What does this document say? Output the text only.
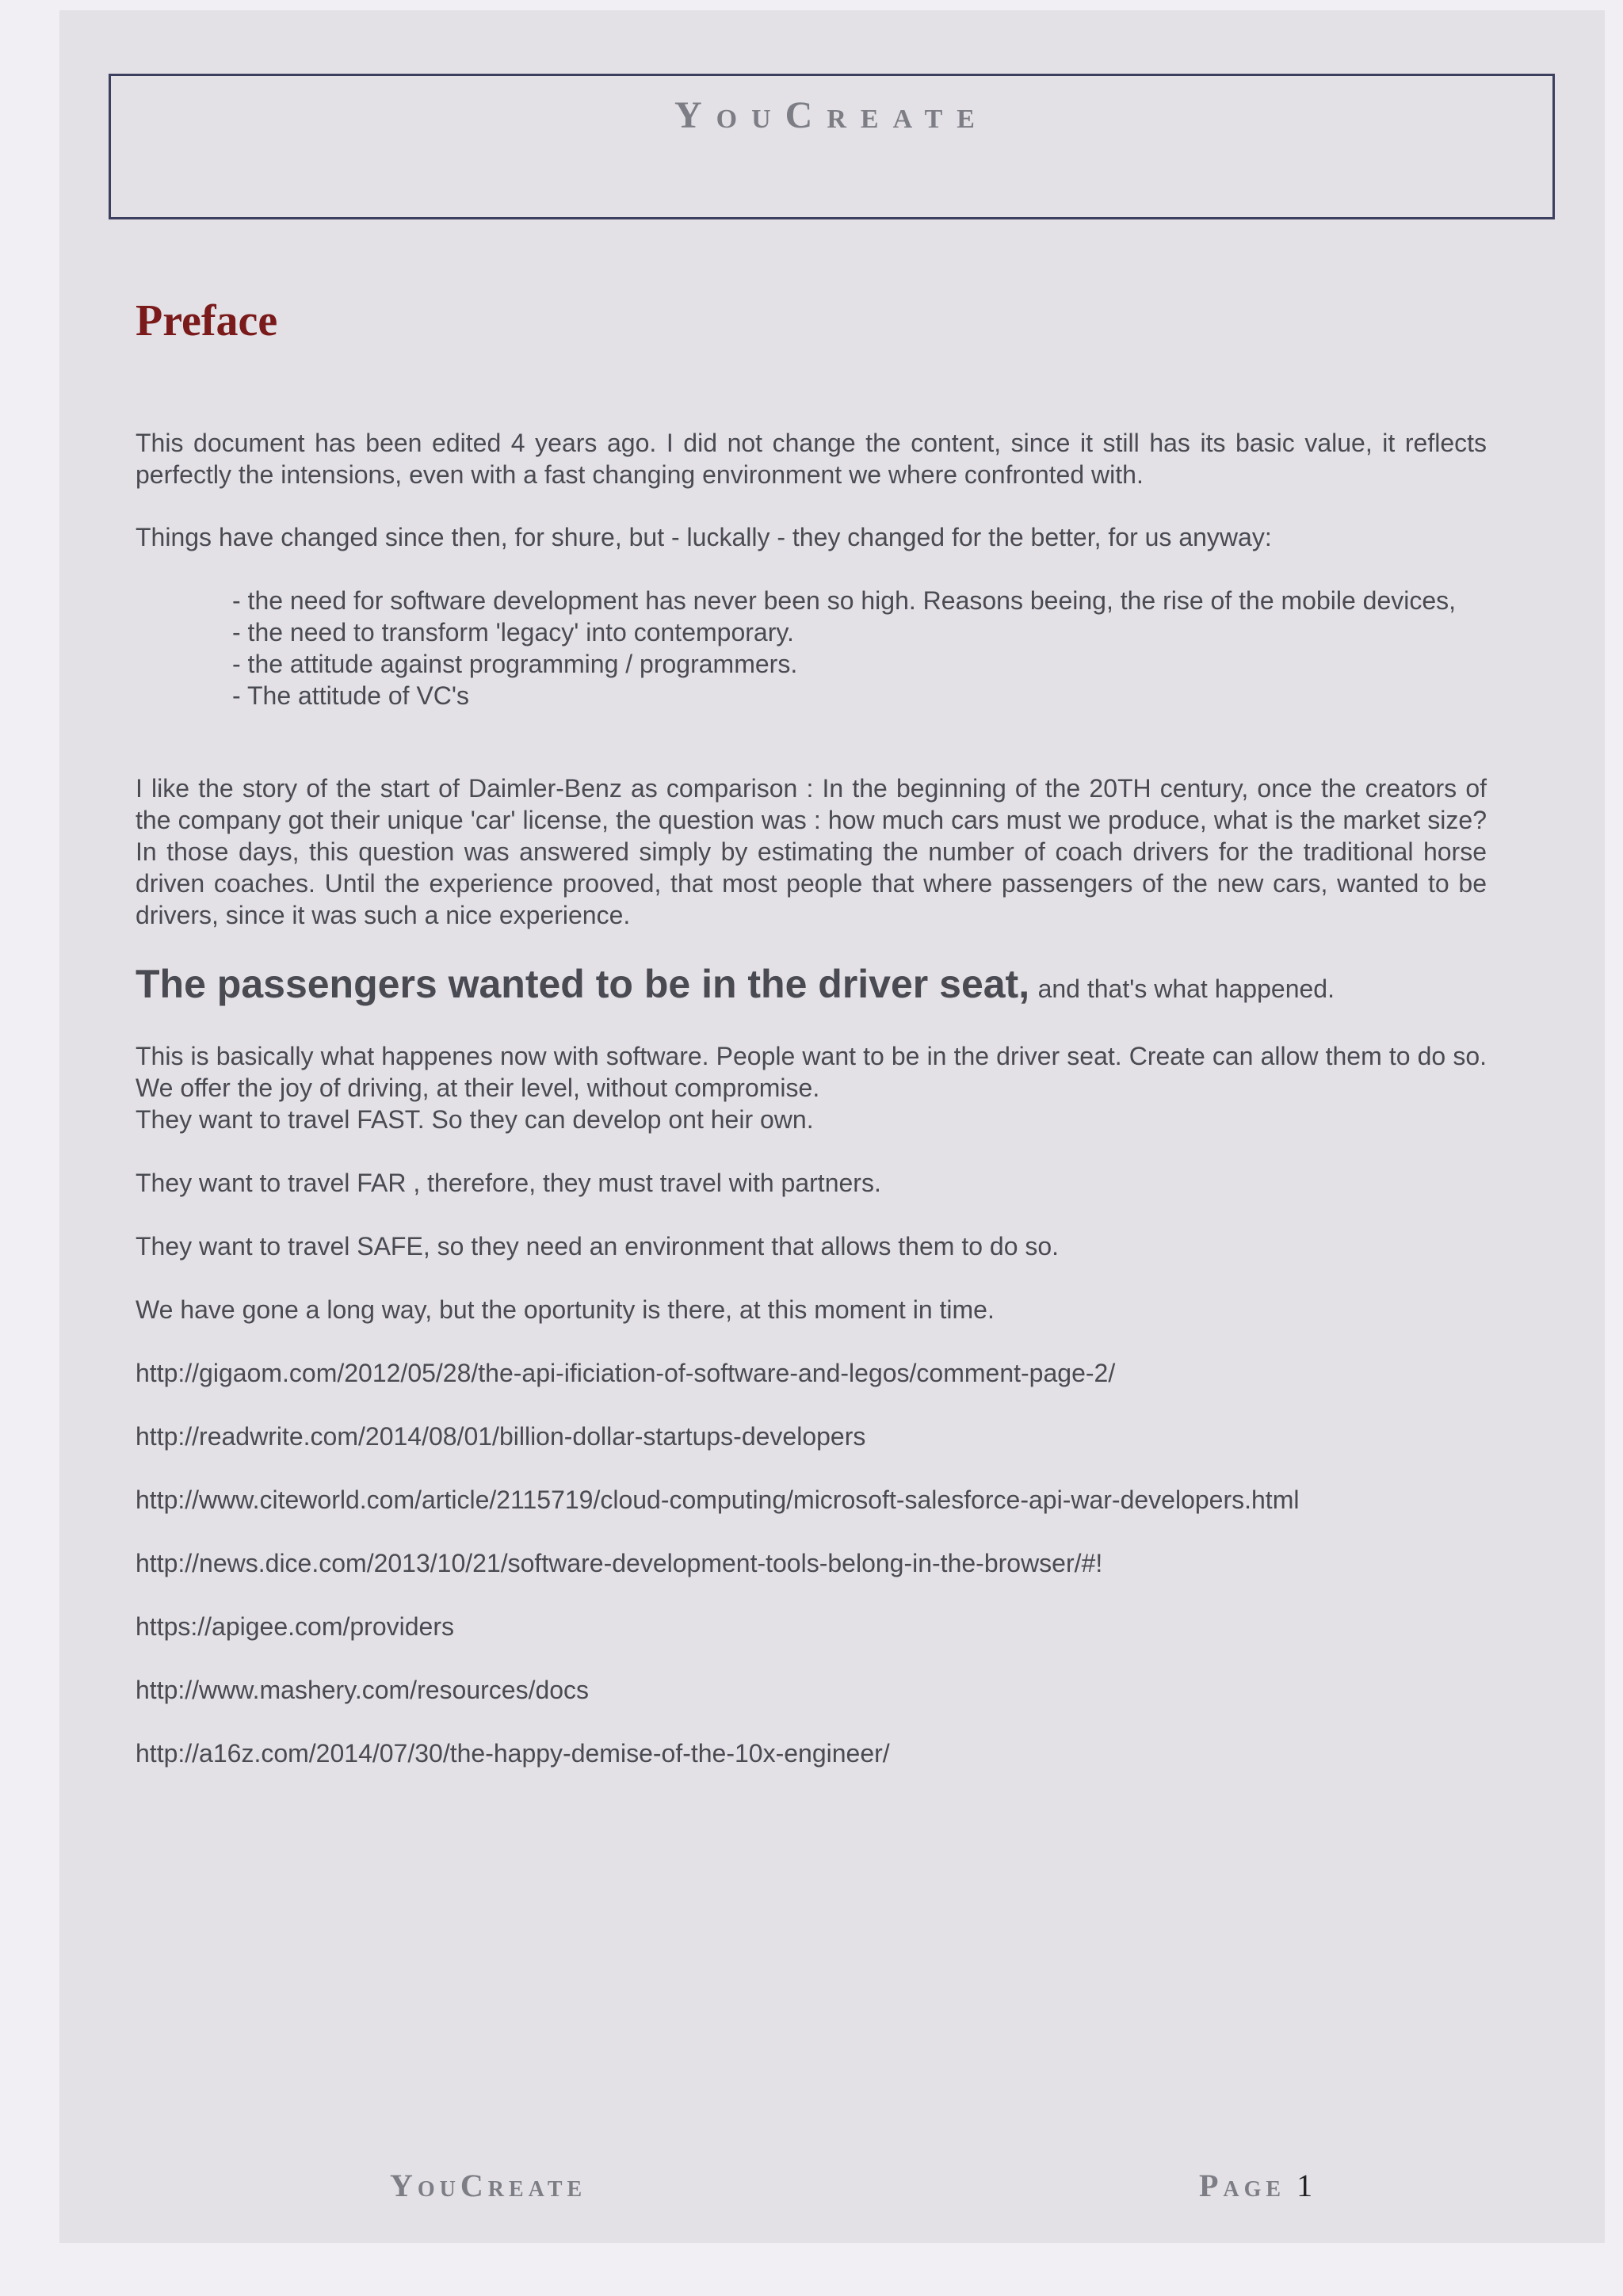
YouCreate
Preface

This document has been edited 4 years ago. I did not change the content, since it still has its basic value, it reflects perfectly the intensions, even with a fast changing environment we where confronted with.

Things have changed since then, for shure, but - luckally - they changed for the better, for us anyway:

- the need for software development has never been so high. Reasons beeing, the rise of the mobile devices,
- the need to transform 'legacy' into contemporary.
- the attitude against programming / programmers.
- The attitude of VC's

I like the story of the start of Daimler-Benz as comparison : In the beginning of the 20TH century, once the creators of the company got their unique 'car' license, the question was : how much cars must we produce, what is the market size? In those days, this question was answered simply by estimating the number of coach drivers for the traditional horse driven coaches. Until the experience prooved, that most people that where passengers of the new cars, wanted to be drivers, since it was such a nice experience.

The passengers wanted to be in the driver seat, and that's what happened.

This is basically what happenes now with software. People want to be in the driver seat. Create can allow them to do so. We offer the joy of driving, at their level, without compromise.

They want to travel FAST. So they can develop ont heir own.

They want to travel FAR , therefore, they must travel with partners.

They want to travel SAFE, so they need an environment that allows them to do so.

We have gone a long way, but the oportunity is there, at this moment in time.

http://gigaom.com/2012/05/28/the-api-ificiation-of-software-and-legos/comment-page-2/
http://readwrite.com/2014/08/01/billion-dollar-startups-developers
http://www.citeworld.com/article/2115719/cloud-computing/microsoft-salesforce-api-war-developers.html
http://news.dice.com/2013/10/21/software-development-tools-belong-in-the-browser/#!
https://apigee.com/providers
http://www.mashery.com/resources/docs
http://a16z.com/2014/07/30/the-happy-demise-of-the-10x-engineer/
YouCreate	Page 1
